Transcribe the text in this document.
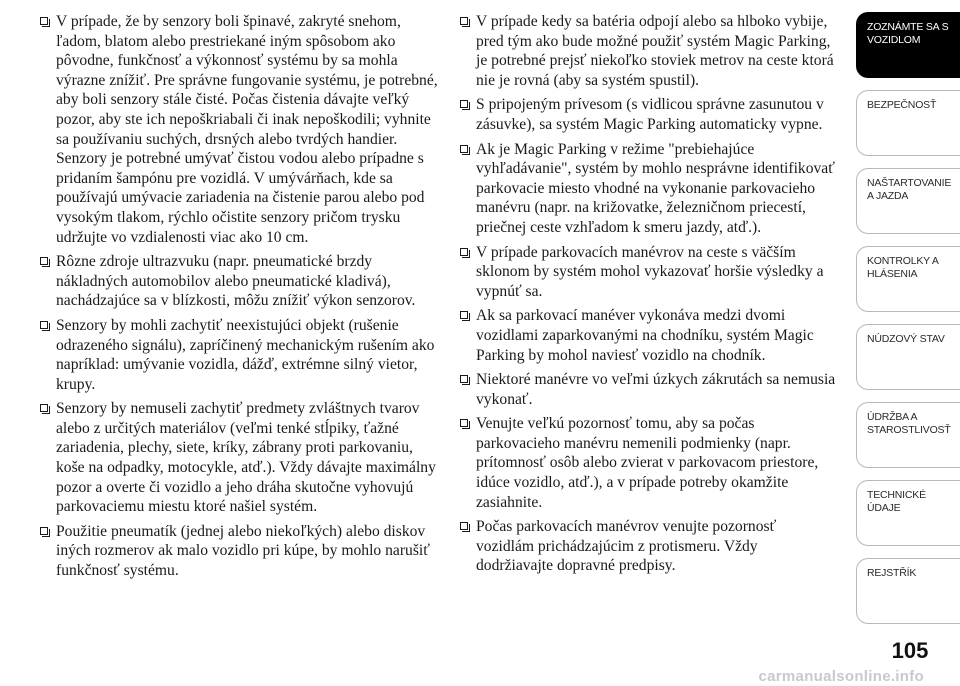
V prípade, že by senzory boli špinavé, zakryté snehom, ľadom, blatom alebo prestriekané iným spôsobom ako pôvodne, funkčnosť a výkonnosť systému by sa mohla výrazne znížiť. Pre správne fungovanie systému, je potrebné, aby boli senzory stále čisté. Počas čistenia dávajte veľký pozor, aby ste ich nepoškriabali či inak nepoškodili; vyhnite sa používaniu suchých, drsných alebo tvrdých handier. Senzory je potrebné umývať čistou vodou alebo prípadne s pridaním šampónu pre vozidlá. V umývárňach, kde sa používajú umývacie zariadenia na čistenie parou alebo pod vysokým tlakom, rýchlo očistite senzory pričom trysku udržujte vo vzdialenosti viac ako 10 cm.
Rôzne zdroje ultrazvuku (napr. pneumatické brzdy nákladných automobilov alebo pneumatické kladivá), nachádzajúce sa v blízkosti, môžu znížiť výkon senzorov.
Senzory by mohli zachytiť neexistujúci objekt (rušenie odrazeného signálu), zapríčinený mechanickým rušením ako napríklad: umývanie vozidla, dážď, extrémne silný vietor, krupy.
Senzory by nemuseli zachytiť predmety zvláštnych tvarov alebo z určitých materiálov (veľmi tenké stĺpiky, ťažné zariadenia, plechy, siete, kríky, zábrany proti parkovaniu, koše na odpadky, motocykle, atď.). Vždy dávajte maximálny pozor a overte či vozidlo a jeho dráha skutočne vyhovujú parkovaciemu miestu ktoré našiel systém.
Použitie pneumatík (jednej alebo niekoľkých) alebo diskov iných rozmerov ak malo vozidlo pri kúpe, by mohlo narušiť funkčnosť systému.
V prípade kedy sa batéria odpojí alebo sa hlboko vybije, pred tým ako bude možné použiť systém Magic Parking, je potrebné prejsť niekoľko stoviek metrov na ceste ktorá nie je rovná (aby sa systém spustil).
S pripojeným prívesom (s vidlicou správne zasunutou v zásuvke), sa systém Magic Parking automaticky vypne.
Ak je Magic Parking v režime "prebiehajúce vyhľadávanie", systém by mohlo nesprávne identifikovať parkovacie miesto vhodné na vykonanie parkovacieho manévru (napr. na križovatke, železničnom priecestí, priečnej ceste vzhľadom k smeru jazdy, atď.).
V prípade parkovacích manévrov na ceste s väčším sklonom by systém mohol vykazovať horšie výsledky a vypnúť sa.
Ak sa parkovací manéver vykonáva medzi dvomi vozidlami zaparkovanými na chodníku, systém Magic Parking by mohol naviesť vozidlo na chodník.
Niektoré manévre vo veľmi úzkych zákrutách sa nemusia vykonať.
Venujte veľkú pozornosť tomu, aby sa počas parkovacieho manévru nemenili podmienky (napr. prítomnosť osôb alebo zvierat v parkovacom priestore, idúce vozidlo, atď.), a v prípade potreby okamžite zasiahnite.
Počas parkovacích manévrov venujte pozornosť vozidlám prichádzajúcim z protismeru. Vždy dodržiavajte dopravné predpisy.
ZOZNÁMTE SA S VOZIDLOM
BEZPEČNOSŤ
NAŠTARTOVANIE A JAZDA
KONTROLKY A HLÁSENIA
NÚDZOVÝ STAV
ÚDRŽBA A STAROSTLIVOSŤ
TECHNICKÉ ÚDAJE
REJSTŘÍK
105
carmanualsonline.info
